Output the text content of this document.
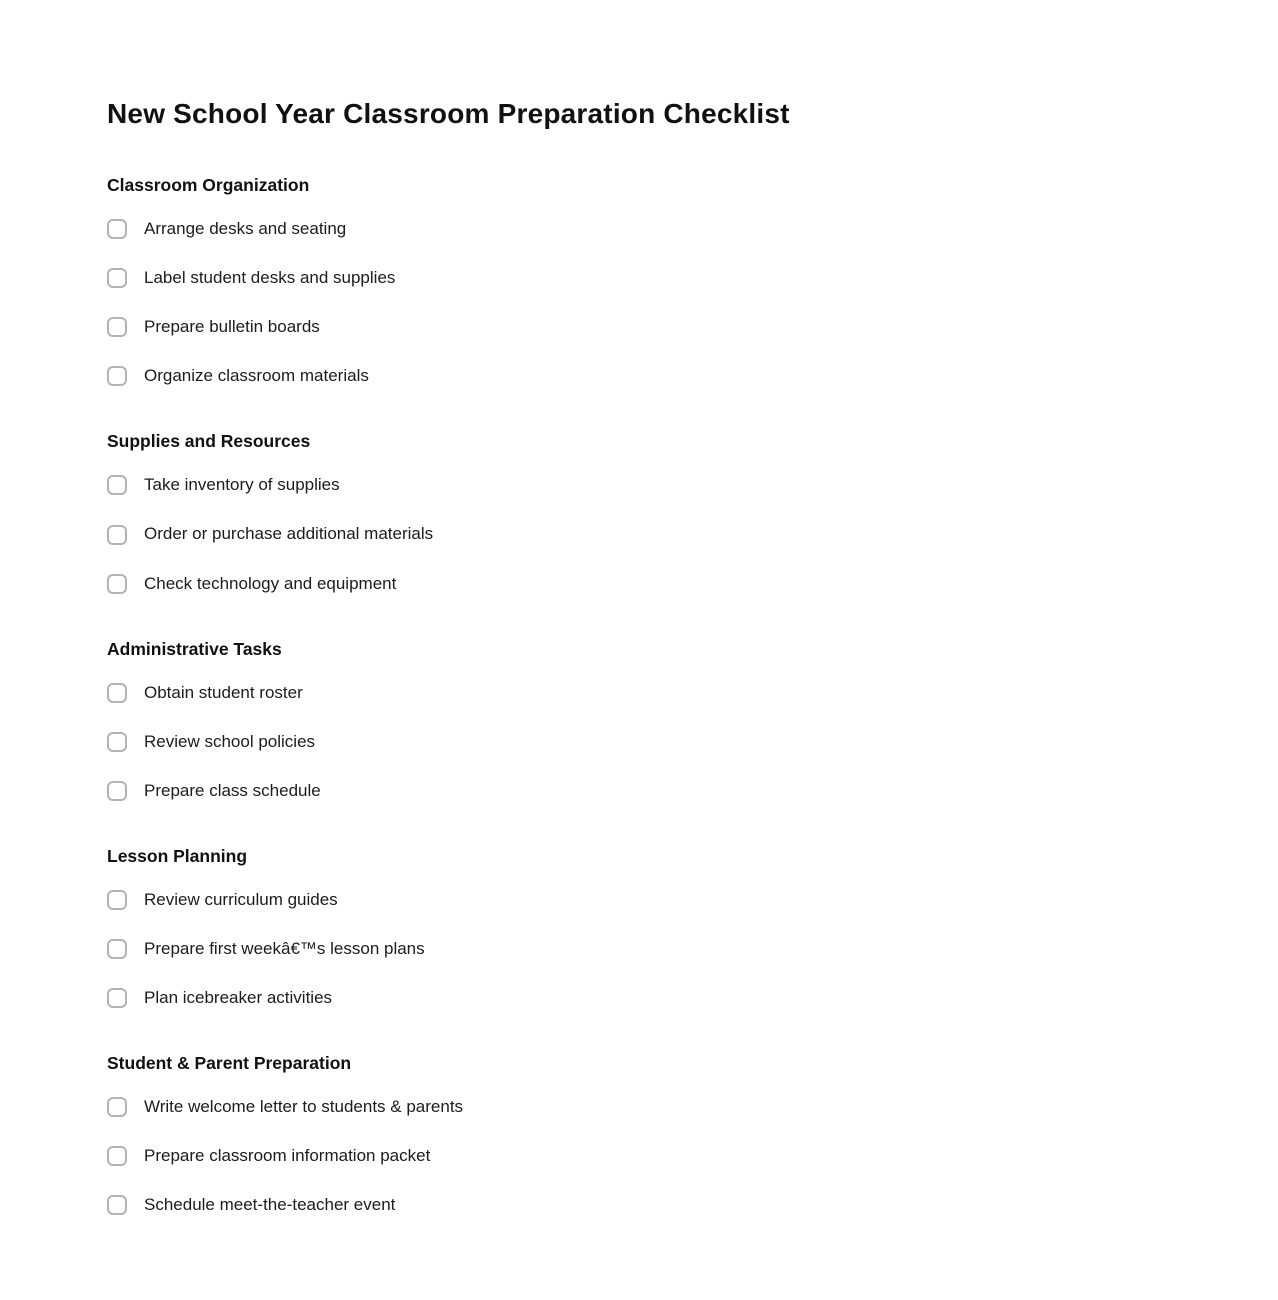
New School Year Classroom Preparation Checklist
Classroom Organization
Arrange desks and seating
Label student desks and supplies
Prepare bulletin boards
Organize classroom materials
Supplies and Resources
Take inventory of supplies
Order or purchase additional materials
Check technology and equipment
Administrative Tasks
Obtain student roster
Review school policies
Prepare class schedule
Lesson Planning
Review curriculum guides
Prepare first weekâ€™s lesson plans
Plan icebreaker activities
Student & Parent Preparation
Write welcome letter to students & parents
Prepare classroom information packet
Schedule meet-the-teacher event
